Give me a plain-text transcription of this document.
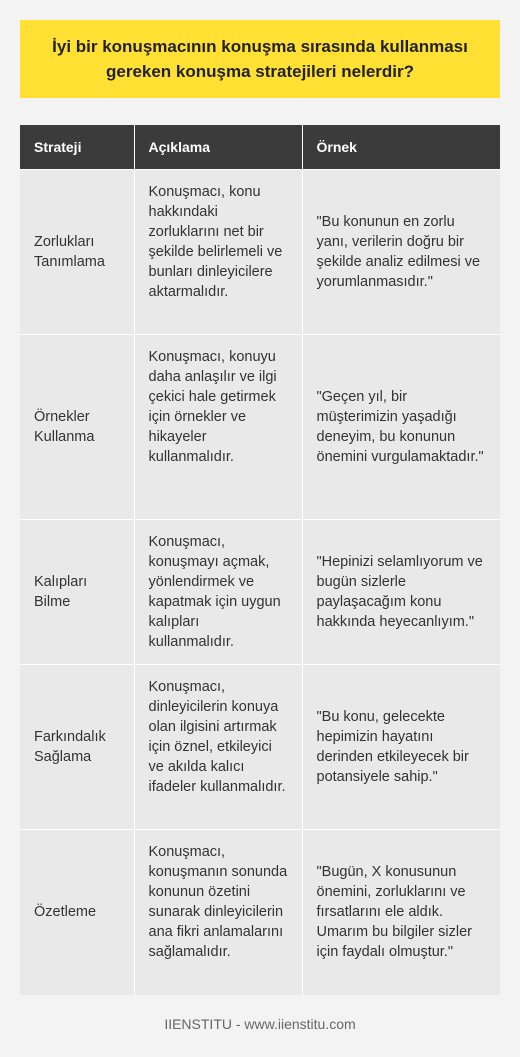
İyi bir konuşmacının konuşma sırasında kullanması gereken konuşma stratejileri nelerdir?
Strateji	Açıklama	Örnek
Zorlukları Tanımlama	Konuşmacı, konu hakkındaki zorluklarını net bir şekilde belirlemeli ve bunları dinleyicilere aktarmalıdır.	"Bu konunun en zorlu yanı, verilerin doğru bir şekilde analiz edilmesi ve yorumlanmasıdır."
Örnekler Kullanma	Konuşmacı, konuyu daha anlaşılır ve ilgi çekici hale getirmek için örnekler ve hikayeler kullanmalıdır.	"Geçen yıl, bir müşterimizin yaşadığı deneyim, bu konunun önemini vurgulamaktadır."
Kalıpları Bilme	Konuşmacı, konuşmayı açmak, yönlendirmek ve kapatmak için uygun kalıpları kullanmalıdır.	"Hepinizi selamlıyorum ve bugün sizlerle paylaşacağım konu hakkında heyecanlıyım."
Farkındalık Sağlama	Konuşmacı, dinleyicilerin konuya olan ilgisini artırmak için öznel, etkileyici ve akılda kalıcı ifadeler kullanmalıdır.	"Bu konu, gelecekte hepimizin hayatını derinden etkileyecek bir potansiyele sahip."
Özetleme	Konuşmacı, konuşmanın sonunda konunun özetini sunarak dinleyicilerin ana fikri anlamalarını sağlamalıdır.	"Bugün, X konusunun önemini, zorluklarını ve fırsatlarını ele aldık. Umarım bu bilgiler sizler için faydalı olmuştur."
IIENSTITU - www.iienstitu.com
